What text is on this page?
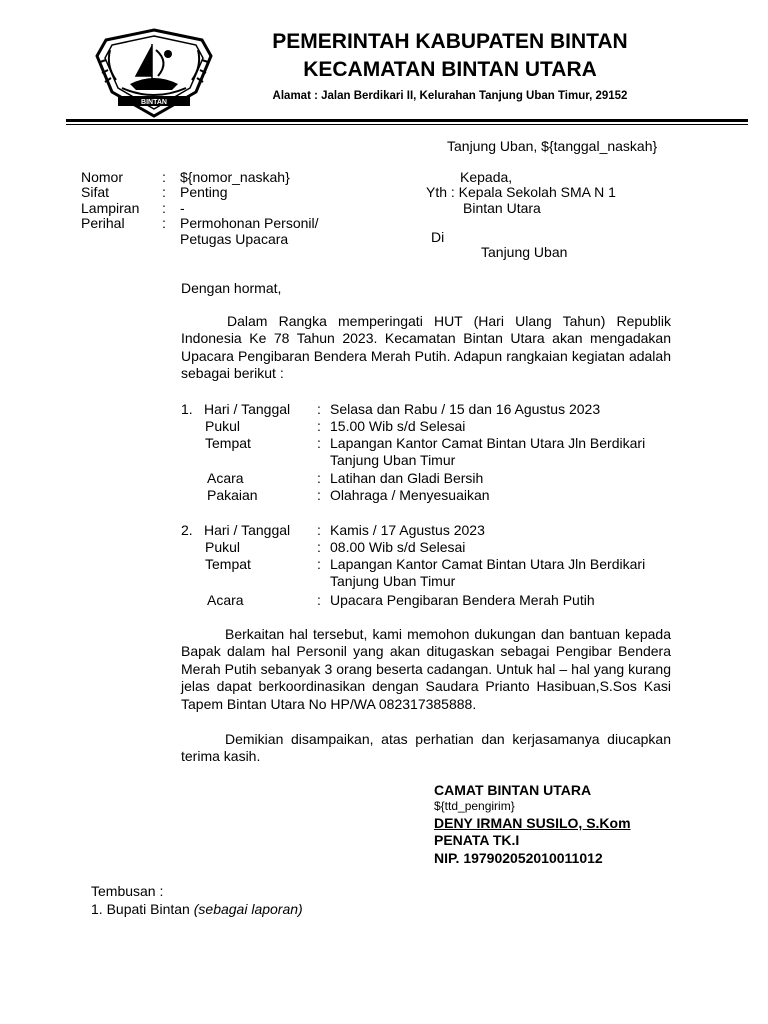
BINTAN
PEMERINTAH KABUPATEN BINTAN
KECAMATAN BINTAN UTARA
Alamat : Jalan Berdikari II, Kelurahan Tanjung Uban Timur, 29152
Tanjung Uban, ${tanggal_naskah}
Nomor	: ${nomor_naskah}
Sifat	: Penting
Lampiran : -
Perihal	: Permohonan Personil/
Petugas Upacara
Kepada,
Yth : Kepala Sekolah SMA N 1
Bintan Utara
Di
Tanjung Uban
Dengan hormat,
Dalam Rangka memperingati HUT (Hari Ulang Tahun) Republik Indonesia Ke 78 Tahun 2023. Kecamatan Bintan Utara akan mengadakan Upacara Pengibaran Bendera Merah Putih. Adapun rangkaian kegiatan adalah sebagai berikut :
1. Hari / Tanggal : Selasa dan Rabu / 15 dan 16 Agustus 2023
Pukul	: 15.00 Wib s/d Selesai
Tempat	: Lapangan Kantor Camat Bintan Utara Jln Berdikari
Tanjung Uban Timur
Acara	: Latihan dan Gladi Bersih
Pakaian	: Olahraga / Menyesuaikan
2. Hari / Tanggal : Kamis / 17 Agustus 2023
Pukul	: 08.00 Wib s/d Selesai
Tempat	: Lapangan Kantor Camat Bintan Utara Jln Berdikari
Tanjung Uban Timur
Acara	: Upacara Pengibaran Bendera Merah Putih
Berkaitan hal tersebut, kami memohon dukungan dan bantuan kepada Bapak dalam hal Personil yang akan ditugaskan sebagai Pengibar Bendera Merah Putih sebanyak 3 orang beserta cadangan. Untuk hal – hal yang kurang jelas dapat berkoordinasikan dengan Saudara Prianto Hasibuan,S.Sos Kasi Tapem Bintan Utara No HP/WA 082317385888.
Demikian disampaikan, atas perhatian dan kerjasamanya diucapkan terima kasih.
CAMAT BINTAN UTARA
${ttd_pengirim}
DENY IRMAN SUSILO, S.Kom
PENATA TK.I
NIP. 197902052010011012
Tembusan :
1. Bupati Bintan (sebagai laporan)
